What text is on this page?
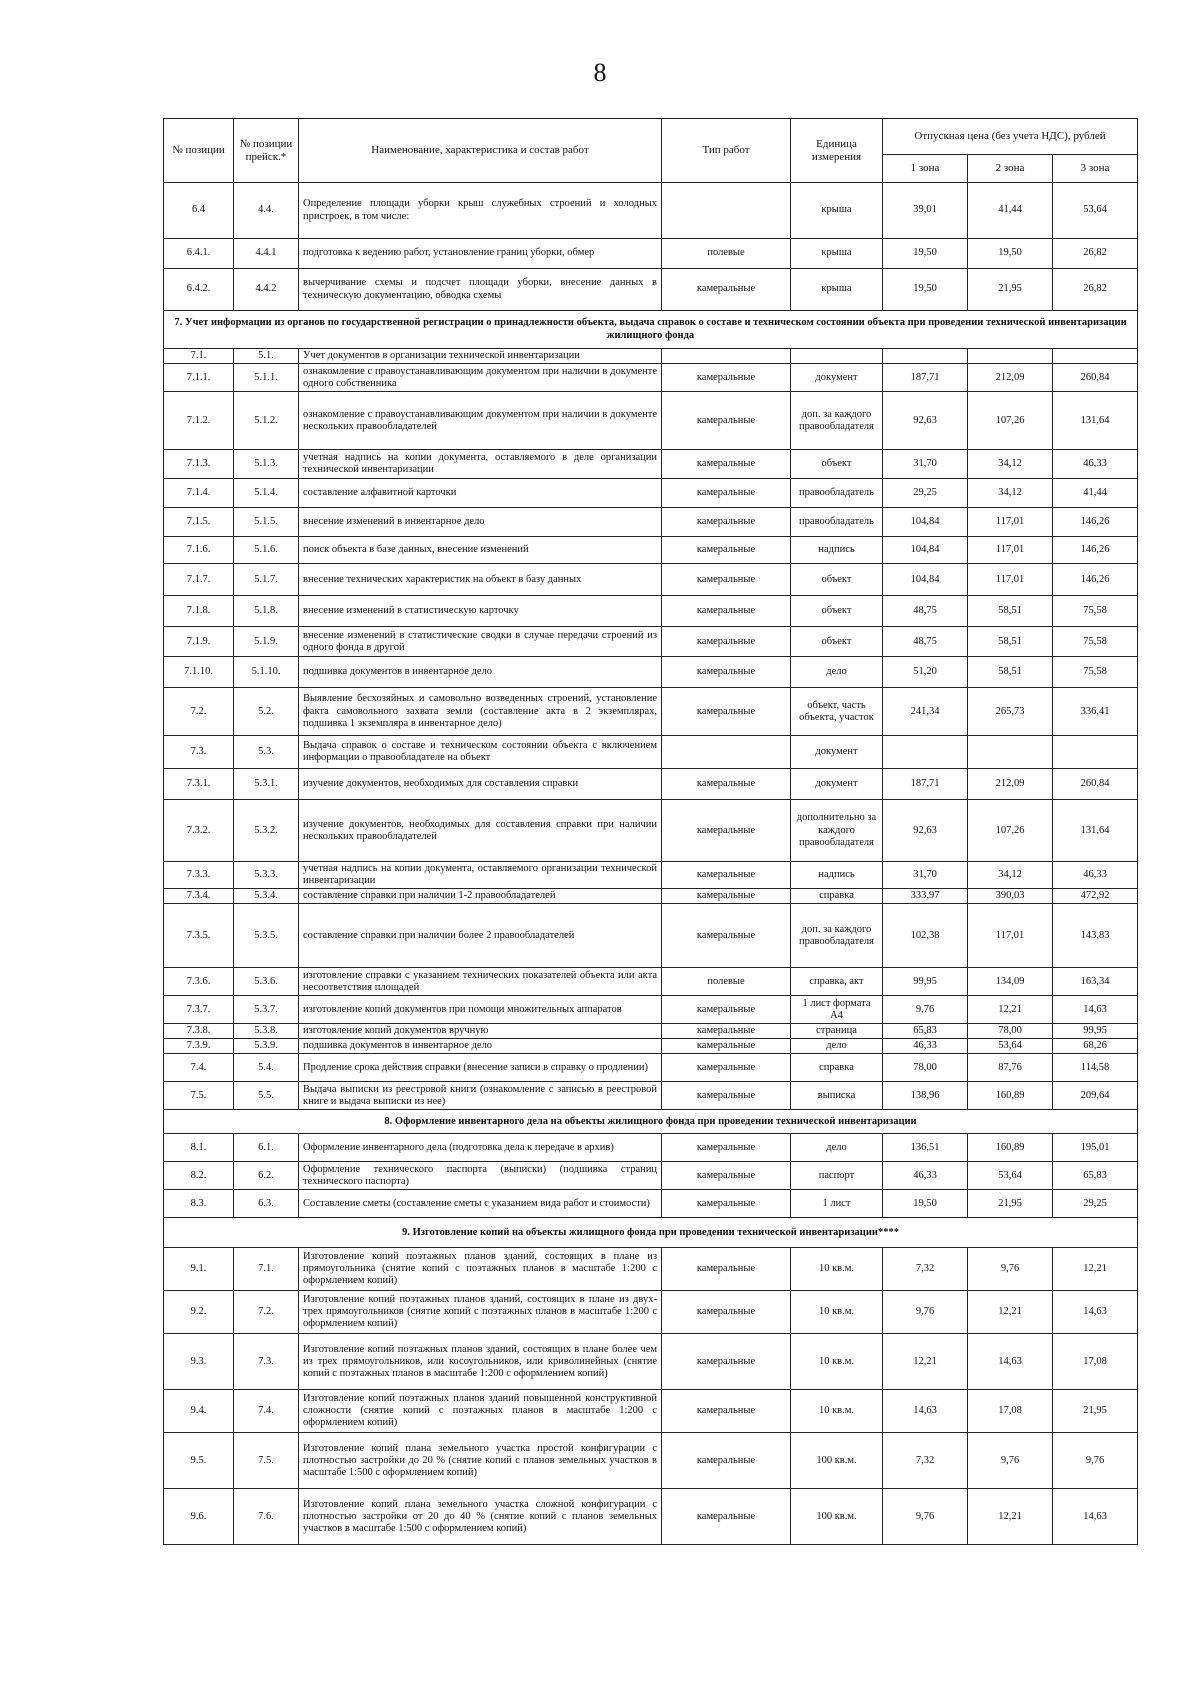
8
№ позиции	№ позиции прейск.*	Наименование, характеристика и состав работ	Тип работ	Единица измерения	Отпускная цена (без учета НДС), рублей		
					1 зона	2 зона	3 зона
6.4	4.4.	Определение площади уборки крыш служебных строений и холодных пристроек, в том числе:		крыша	39,01	41,44	53,64
6.4.1.	4.4.1	подготовка к ведению работ, установление границ уборки, обмер	полевые	крыша	19,50	19,50	26,82
6.4.2.	4.4.2	вычерчивание схемы и подсчет площади уборки, внесение данных в техническую документацию, обводка схемы	камеральные	крыша	19,50	21,95	26,82
7. Учет информации из органов по государственной регистрации о принадлежности объекта, выдача справок о составе и техническом состоянии объекта при проведении технической инвентаризации жилищного фонда							
7.1.	5.1.	Учет документов в организации технической инвентаризации					
7.1.1.	5.1.1.	ознакомление с правоустанавливающим документом при наличии в документе одного собственника	камеральные	документ	187,71	212,09	260,84
7.1.2.	5.1.2.	ознакомление с правоустанавливающим документом при наличии в документе нескольких правообладателей	камеральные	доп. за каждого правообладателя	92,63	107,26	131,64
7.1.3.	5.1.3.	учетная надпись на копии документа, оставляемого в деле организации технической инвентаризации	камеральные	объект	31,70	34,12	46,33
7.1.4.	5.1.4.	составление алфавитной карточки	камеральные	правообладатель	29,25	34,12	41,44
7.1.5.	5.1.5.	внесение изменений в инвентарное дело	камеральные	правообладатель	104,84	117,01	146,26
7.1.6.	5.1.6.	поиск объекта в базе данных, внесение изменений	камеральные	надпись	104,84	117,01	146,26
7.1.7.	5.1.7.	внесение технических характеристик на объект в базу данных	камеральные	объект	104,84	117,01	146,26
7.1.8.	5.1.8.	внесение изменений в статистическую карточку	камеральные	объект	48,75	58,51	75,58
7.1.9.	5.1.9.	внесение изменений в статистические сводки в случае передачи строений из одного фонда в другой	камеральные	объект	48,75	58,51	75,58
7.1.10.	5.1.10.	подшивка документов в инвентарное дело	камеральные	дело	51,20	58,51	75,58
7.2.	5.2.	Выявление бесхозяйных и самовольно возведенных строений, установление факта самовольного захвата земли (составление акта в 2 экземплярах, подшивка 1 экземпляра в инвентарное дело)	камеральные	объект, часть объекта, участок	241,34	265,73	336,41
7.3.	5.3.	Выдача справок о составе и техническом состоянии объекта с включением информации о правообладателе на объект		документ			
7.3.1.	5.3.1.	изучение документов, необходимых для составления справки	камеральные	документ	187,71	212,09	260,84
7.3.2.	5.3.2.	изучение документов, необходимых для составления справки при наличии нескольких правообладателей	камеральные	дополнительно за каждого правообладателя	92,63	107,26	131,64
7.3.3.	5.3.3.	учетная надпись на копии документа, оставляемого организации технической инвентаризации	камеральные	надпись	31,70	34,12	46,33
7.3.4.	5.3.4.	составление справки при наличии 1-2 правообладателей	камеральные	справка	333,97	390,03	472,92
7.3.5.	5.3.5.	составление справки при наличии более 2 правообладателей	камеральные	доп. за каждого правообладателя	102,38	117,01	143,83
7.3.6.	5.3.6.	изготовление справки с указанием технических показателей объекта или акта несоответствия площадей	полевые	справка, акт	99,95	134,09	163,34
7.3.7.	5.3.7.	изготовление копий документов при помощи множительных аппаратов	камеральные	1 лист формата А4	9,76	12,21	14,63
7.3.8.	5.3.8.	изготовление копий документов вручную	камеральные	страница	65,83	78,00	99,95
7.3.9.	5.3.9.	подшивка документов в инвентарное дело	камеральные	дело	46,33	53,64	68,26
7.4.	5.4.	Продление срока действия справки (внесение записи в справку о продлении)	камеральные	справка	78,00	87,76	114,58
7.5.	5.5.	Выдача выписки из реестровой книги (ознакомление с записью в реестровой книге и выдача выписки из нее)	камеральные	выписка	138,96	160,89	209,64
8. Оформление инвентарного дела на объекты жилищного фонда при проведении технической инвентаризации							
8.1.	6.1.	Оформление инвентарного дела (подготовка дела к передаче в архив)	камеральные	дело	136,51	160,89	195,01
8.2.	6.2.	Оформление технического паспорта (выписки) (подшивка страниц технического паспорта)	камеральные	паспорт	46,33	53,64	65,83
8.3.	6.3.	Составление сметы (составление сметы с указанием вида работ и стоимости)	камеральные	1 лист	19,50	21,95	29,25
9. Изготовление копий на объекты жилищного фонда при проведении технической инвентаризации****							
9.1.	7.1.	Изготовление копий поэтажных планов зданий, состоящих в плане из прямоугольника (снятие копий с поэтажных планов в масштабе 1:200 с оформлением копий)	камеральные	10 кв.м.	7,32	9,76	12,21
9.2.	7.2.	Изготовление копий поэтажных планов зданий, состоящих в плане из двух-трех прямоугольников (снятие копий с поэтажных планов в масштабе 1:200 с оформлением копий)	камеральные	10 кв.м.	9,76	12,21	14,63
9.3.	7.3.	Изготовление копий поэтажных планов зданий, состоящих в плане более чем из трех прямоугольников, или косоугольников, или криволинейных (снятие копий с поэтажных планов в масштабе 1:200 с оформлением копий)	камеральные	10 кв.м.	12,21	14,63	17,08
9.4.	7.4.	Изготовление копий поэтажных планов зданий повышенной конструктивной сложности (снятие копий с поэтажных планов в масштабе 1:200 с оформлением копий)	камеральные	10 кв.м.	14,63	17,08	21,95
9.5.	7.5.	Изготовление копий плана земельного участка простой конфигурации с плотностью застройки до 20 % (снятие копий с планов земельных участков в масштабе 1:500 с оформлением копий)	камеральные	100 кв.м.	7,32	9,76	9,76
9.6.	7.6.	Изготовление копий плана земельного участка сложной конфигурации с плотностью застройки от 20 до 40 % (снятие копий с планов земельных участков в масштабе 1:500 с оформлением копий)	камеральные	100 кв.м.	9,76	12,21	14,63
